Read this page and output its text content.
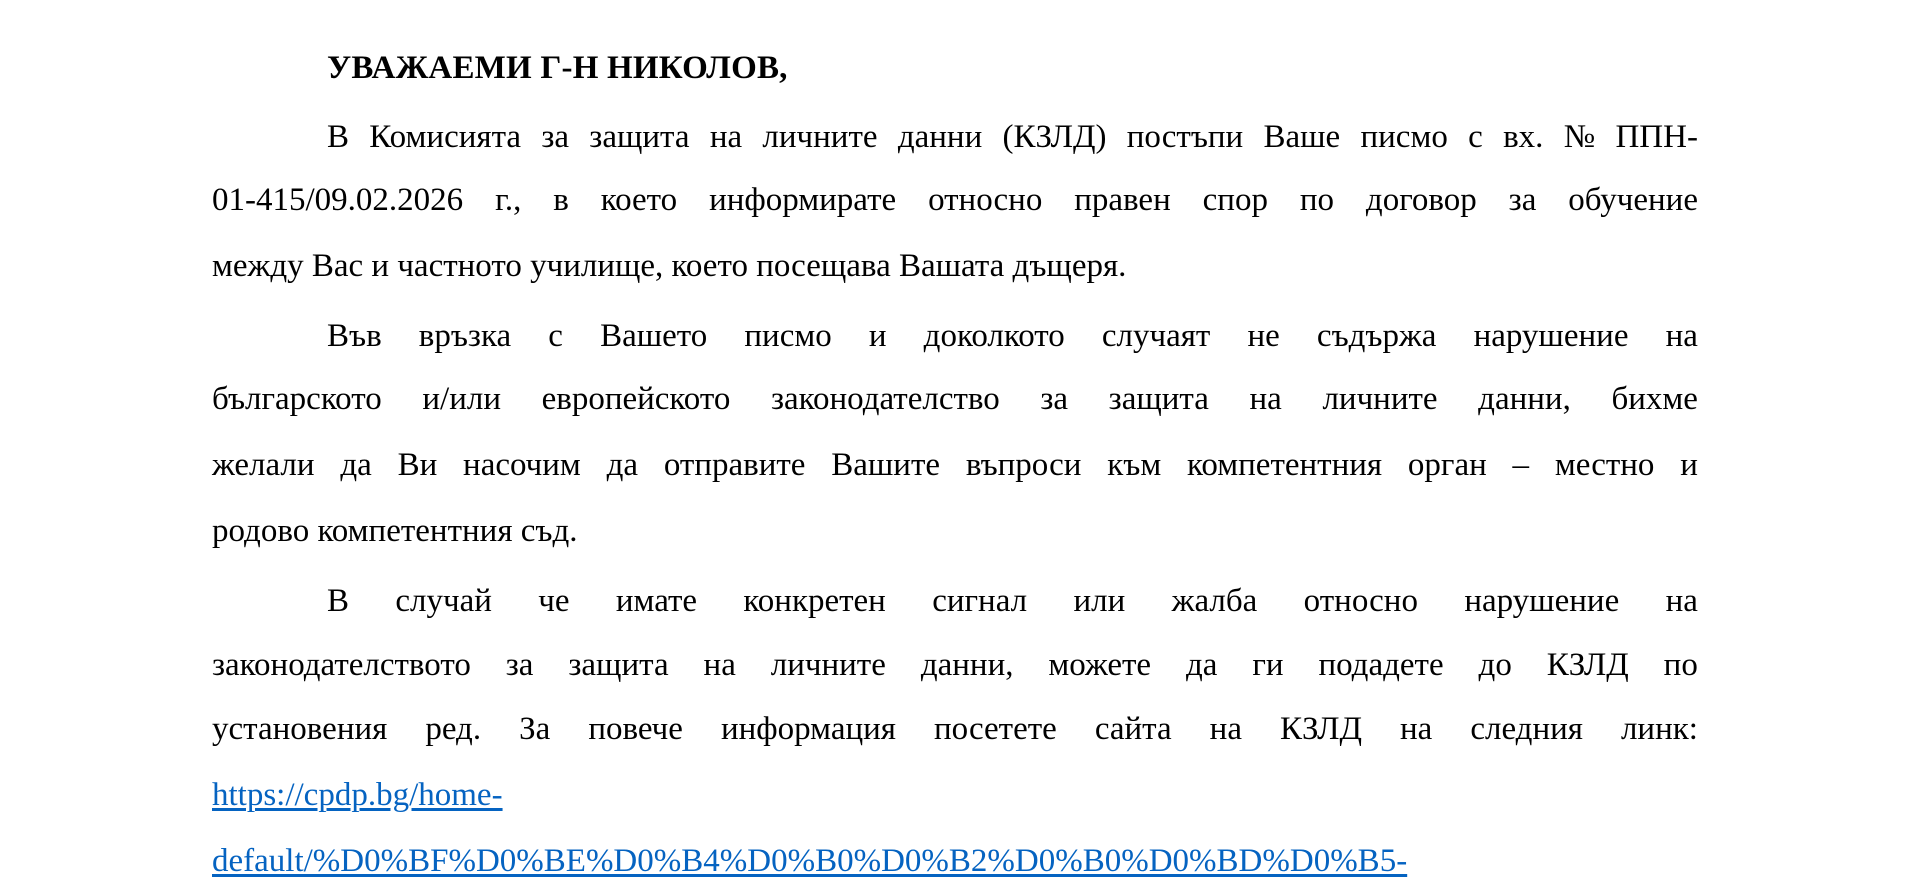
УВАЖАЕМИ Г-Н НИКОЛОВ,
В Комисията за защита на личните данни (КЗЛД) постъпи Ваше писмо с вх. № ППН-
01-415/09.02.2026 г., в което информирате относно правен спор по договор за обучение
между Вас и частното училище, което посещава Вашата дъщеря.
Във връзка с Вашето писмо и доколкото случаят не съдържа нарушение на
българското и/или европейското законодателство за защита на личните данни, бихме
желали да Ви насочим да отправите Вашите въпроси към компетентния орган – местно и
родово компетентния съд.
В случай че имате конкретен сигнал или жалба относно нарушение на
законодателството за защита на личните данни, можете да ги подадете до КЗЛД по
установения ред. За повече информация посетете сайта на КЗЛД на следния линк:
https://cpdp.bg/home-
default/%D0%BF%D0%BE%D0%B4%D0%B0%D0%B2%D0%B0%D0%BD%D0%B5-
